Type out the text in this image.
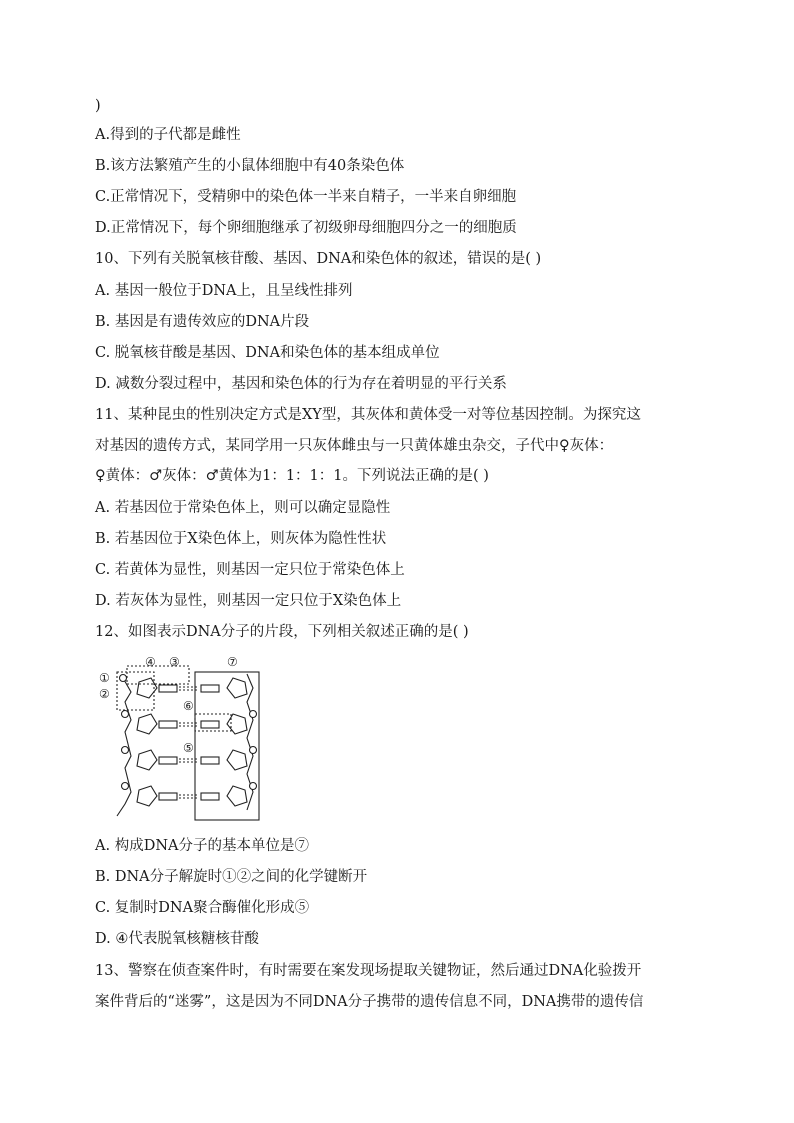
)
A.得到的子代都是雌性
B.该方法繁殖产生的小鼠体细胞中有40条染色体
C.正常情况下，受精卵中的染色体一半来自精子，一半来自卵细胞
D.正常情况下，每个卵细胞继承了初级卵母细胞四分之一的细胞质
10、下列有关脱氧核苷酸、基因、DNA和染色体的叙述，错误的是( )
A. 基因一般位于DNA上，且呈线性排列
B. 基因是有遗传效应的DNA片段
C. 脱氧核苷酸是基因、DNA和染色体的基本组成单位
D. 减数分裂过程中，基因和染色体的行为存在着明显的平行关系
11、某种昆虫的性别决定方式是XY型，其灰体和黄体受一对等位基因控制。为探究这
对基因的遗传方式，某同学用一只灰体雌虫与一只黄体雄虫杂交，子代中♀灰体：
♀黄体：♂灰体：♂黄体为1：1：1：1。下列说法正确的是( )
A. 若基因位于常染色体上，则可以确定显隐性
B. 若基因位于X染色体上，则灰体为隐性性状
C. 若黄体为显性，则基因一定只位于常染色体上
D. 若灰体为显性，则基因一定只位于X染色体上
12、如图表示DNA分子的片段，下列相关叙述正确的是( )
①
②
③
④
⑤
⑥
⑦
A. 构成DNA分子的基本单位是⑦
B. DNA分子解旋时①②之间的化学键断开
C. 复制时DNA聚合酶催化形成⑤
D. ④代表脱氧核糖核苷酸
13、警察在侦查案件时，有时需要在案发现场提取关键物证，然后通过DNA化验拨开
案件背后的“迷雾”，这是因为不同DNA分子携带的遗传信息不同，DNA携带的遗传信
